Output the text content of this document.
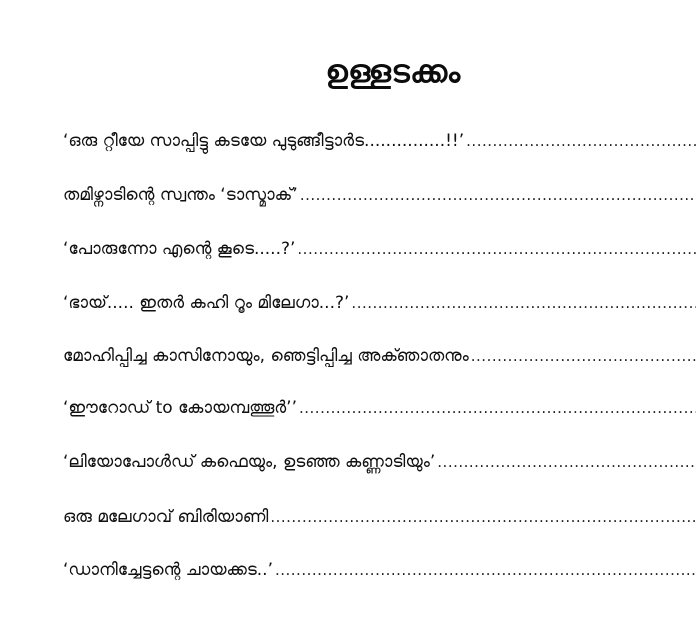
ഉള്ളടക്കം
‘ഒരു റ്റീയേ സാപ്പിട്ടു കടയേ പുടുങ്ങീട്ടാർട...............!!’
.....
തമിഴ്നാടിന്റെ സ്വന്തം ‘ടാസ്മാക്’
.....
‘പോരുന്നോ എന്റെ കൂടെ.....?’
.....
‘ഭായ്..... ഇതർ കഹി റൂം മിലേഗാ...?’
.....
മോഹിപ്പിച്ച കാസിനോയും, ഞെട്ടിപ്പിച്ച അക്ഞാതനും
.....
‘ഈറോഡ് to കോയമ്പത്തൂർ’’
.....
‘ലിയോപോൾഡ് കഫെയും, ഉടഞ്ഞ കണ്ണാടിയും’
.....
ഒരു മലേഗാവ് ബിരിയാണി
.....
‘ഡാനിച്ചേട്ടന്റെ ചായക്കട..’
.....
